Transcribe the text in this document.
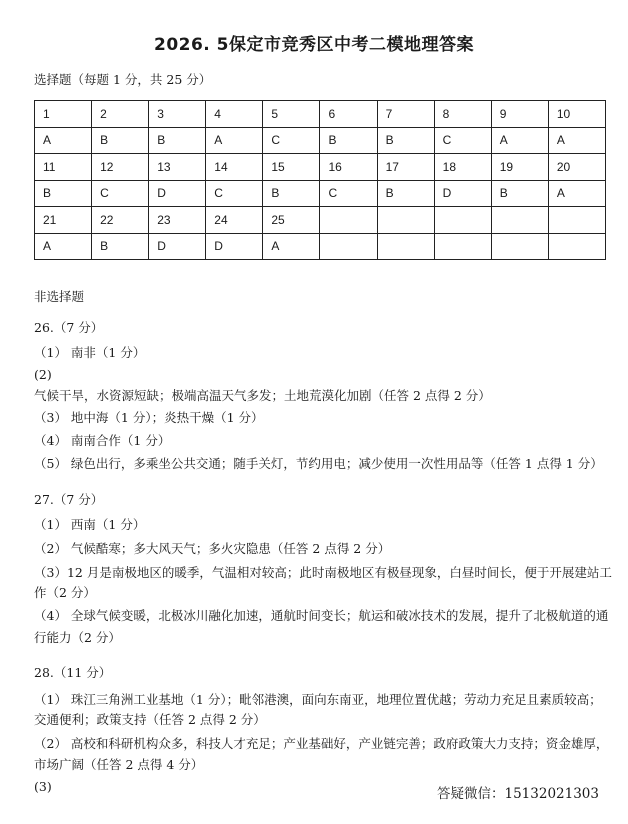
2026. 5保定市竞秀区中考二模地理答案
选择题（每题 1 分，共 25 分）
1	2	3	4	5	6	7	8	9	10
A	B	B	A	C	B	B	C	A	A
11	12	13	14	15	16	17	18	19	20
B	C	D	C	B	C	B	D	B	A
21	22	23	24	25					
A	B	D	D	A					
非选择题
26.（7 分）
（1） 南非（1 分）
(2)
气候干旱，水资源短缺；极端高温天气多发；土地荒漠化加剧（任答 2 点得 2 分）
（3） 地中海（1 分）；炎热干燥（1 分）
（4） 南南合作（1 分）
（5） 绿色出行，多乘坐公共交通；随手关灯，节约用电；减少使用一次性用品等（任答 1 点得 1 分）
27.（7 分）
（1） 西南（1 分）
（2） 气候酷寒；多大风天气；多火灾隐患（任答 2 点得 2 分）
（3）12 月是南极地区的暖季，气温相对较高；此时南极地区有极昼现象，白昼时间长，便于开展建站工
作（2 分）
（4） 全球气候变暖，北极冰川融化加速，通航时间变长；航运和破冰技术的发展，提升了北极航道的通
行能力（2 分）
28.（11 分）
（1） 珠江三角洲工业基地（1 分）；毗邻港澳，面向东南亚，地理位置优越；劳动力充足且素质较高；
交通便利；政策支持（任答 2 点得 2 分）
（2） 高校和科研机构众多，科技人才充足；产业基础好，产业链完善；政府政策大力支持；资金雄厚，
市场广阔（任答 2 点得 4 分）
(3)	答疑微信：15132021303
